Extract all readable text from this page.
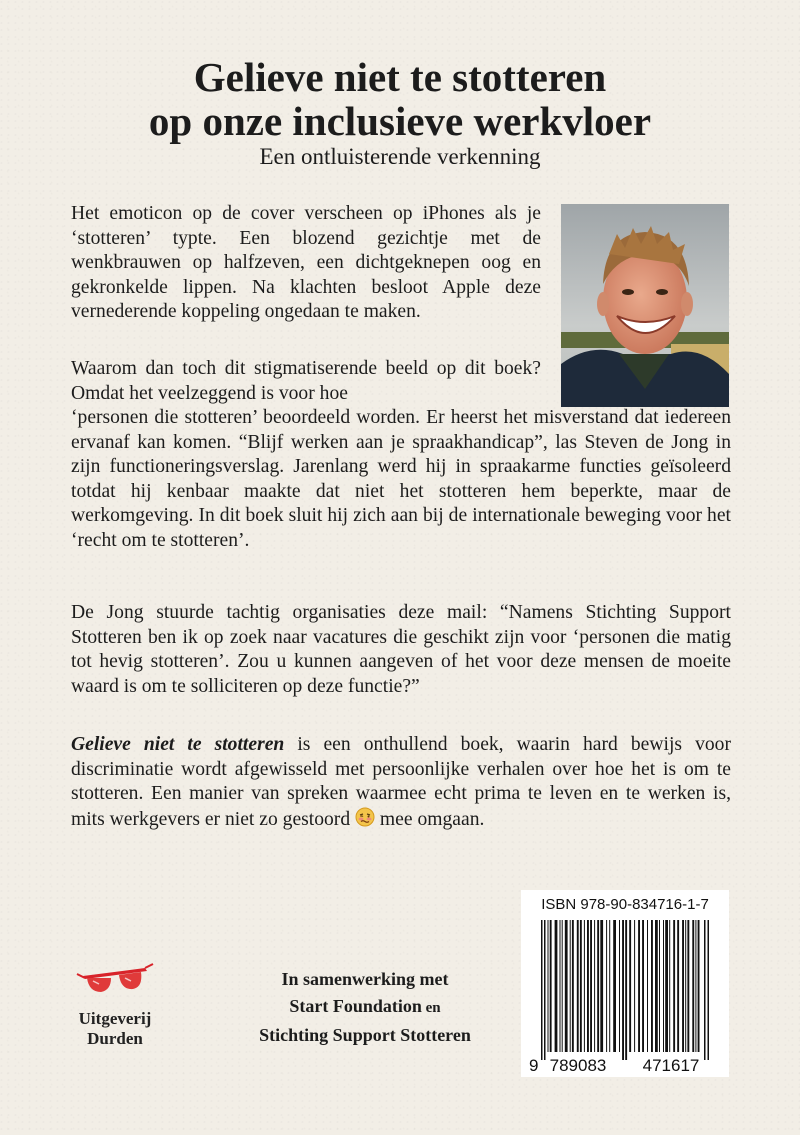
Gelieve niet te stotteren
op onze inclusieve werkvloer

Een ontluisterende verkenning

Het emoticon op de cover verscheen op iPhones als je ‘stotteren’ typte. Een blozend gezichtje met de wenkbrauwen op halfzeven, een dichtgeknepen oog en gekronkelde lippen. Na klachten besloot Apple deze vernederende koppeling ongedaan te maken.

Waarom dan toch dit stigmatiserende beeld op dit boek? Omdat het veelzeggend is voor hoe
‘personen die stotteren’ beoordeeld worden. Er heerst het misverstand dat iedereen ervanaf kan komen. “Blijf werken aan je spraakhandicap”, las Steven de Jong in zijn functioneringsverslag. Jarenlang werd hij in spraakarme functies geïsoleerd totdat hij kenbaar maakte dat niet het stotteren hem beperkte, maar de werkomgeving. In dit boek sluit hij zich aan bij de internationale beweging voor het ‘recht om te stotteren’.

De Jong stuurde tachtig organisaties deze mail: “Namens Stichting Support Stotteren ben ik op zoek naar vacatures die geschikt zijn voor ‘personen die matig tot hevig stotteren’. Zou u kunnen aangeven of het voor deze mensen de moeite waard is om te solliciteren op deze functie?”

Gelieve niet te stotteren is een onthullend boek, waarin hard bewijs voor discriminatie wordt afgewisseld met persoonlijke verhalen over hoe het is om te stotteren. Een manier van spreken waarmee echt prima te leven en te werken is, mits werkgevers er niet zo gestoord  mee omgaan.

ISBN 978-90-834716-1-7
9 789083 471617
Uitgeverij
Durden
In samenwerking met
Start Foundation en
Stichting Support Stotteren
